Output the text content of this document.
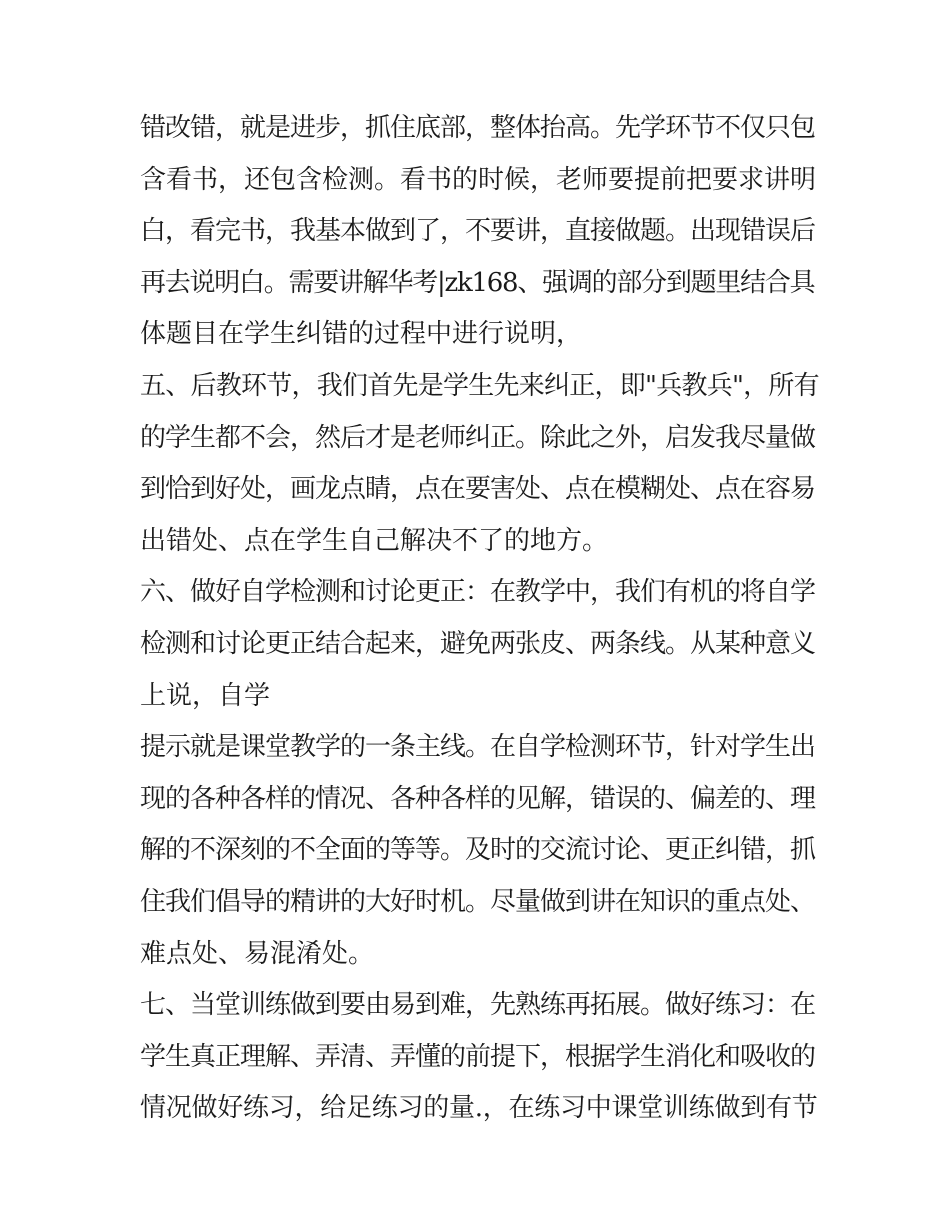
错改错，就是进步，抓住底部，整体抬高。先学环节不仅只包
含看书，还包含检测。看书的时候，老师要提前把要求讲明
白，看完书，我基本做到了，不要讲，直接做题。出现错误后
再去说明白。需要讲解华考|zk168、强调的部分到题里结合具
体题目在学生纠错的过程中进行说明，
五、后教环节，我们首先是学生先来纠正，即"兵教兵"，所有
的学生都不会，然后才是老师纠正。除此之外，启发我尽量做
到恰到好处，画龙点睛，点在要害处、点在模糊处、点在容易
出错处、点在学生自己解决不了的地方。
六、做好自学检测和讨论更正：在教学中，我们有机的将自学
检测和讨论更正结合起来，避免两张皮、两条线。从某种意义
上说，自学
提示就是课堂教学的一条主线。在自学检测环节，针对学生出
现的各种各样的情况、各种各样的见解，错误的、偏差的、理
解的不深刻的不全面的等等。及时的交流讨论、更正纠错，抓
住我们倡导的精讲的大好时机。尽量做到讲在知识的重点处、
难点处、易混淆处。
七、当堂训练做到要由易到难，先熟练再拓展。做好练习：在
学生真正理解、弄清、弄懂的前提下，根据学生消化和吸收的
情况做好练习，给足练习的量.，在练习中课堂训练做到有节
